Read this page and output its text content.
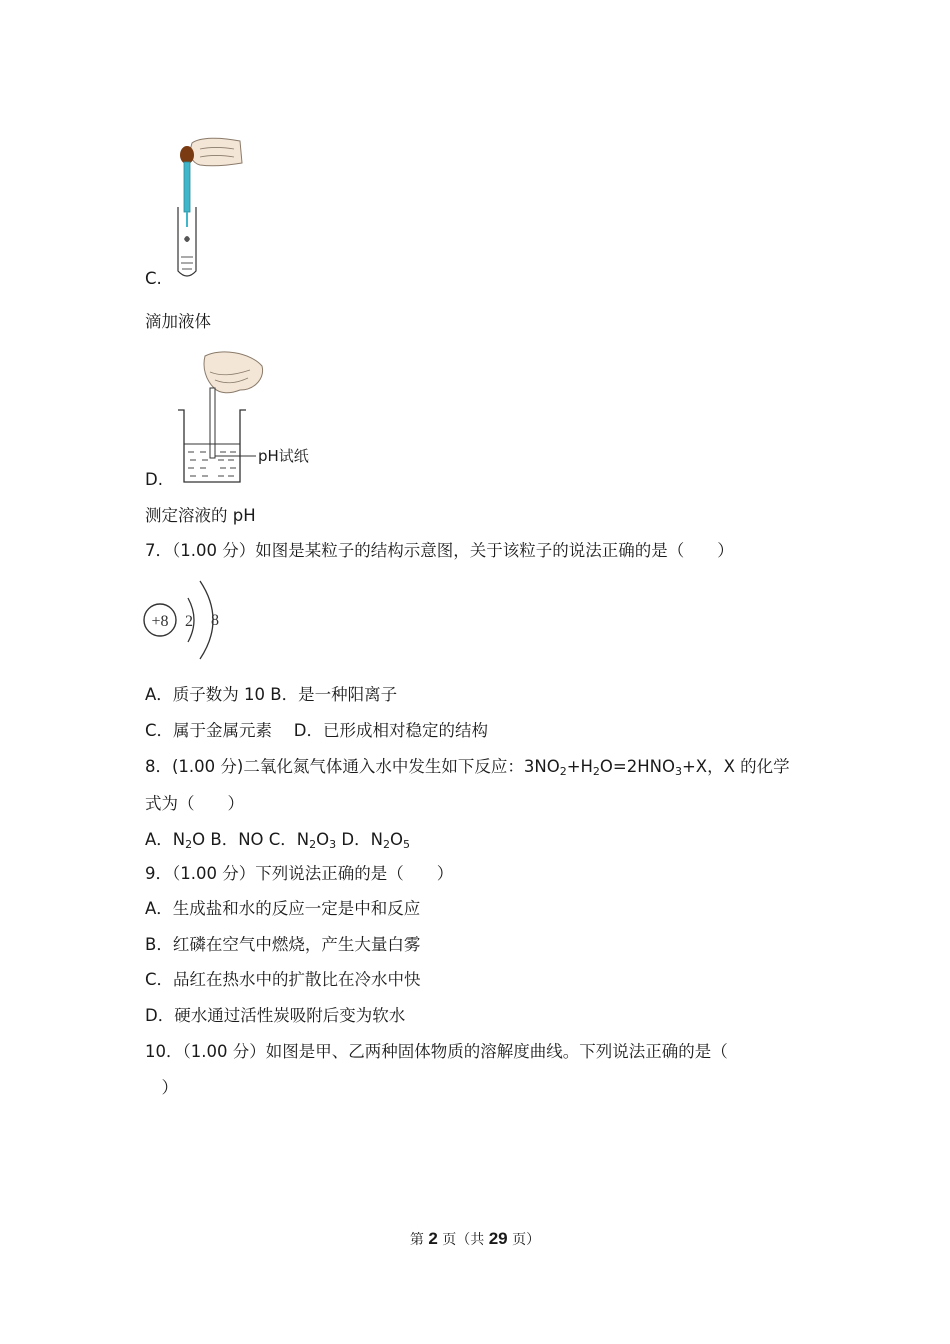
C.
滴加液体
pH试纸
D.
测定溶液的 pH
7．（1.00 分）如图是某粒子的结构示意图，关于该粒子的说法正确的是（　　）
+8 2 8
A．质子数为 10 B．是一种阳离子
C．属于金属元素　 D．已形成相对稳定的结构
8．(1.00 分)二氧化氮气体通入水中发生如下反应：$3NO_2+H_2O=2HNO_3+X$，X 的化学
式为（　　）
A．$N_2O$ B．NO C．$N_2O_3$ D．$N_2O_5$
9．（1.00 分）下列说法正确的是（　　）
A．生成盐和水的反应一定是中和反应
B．红磷在空气中燃烧，产生大量白雾
C．品红在热水中的扩散比在冷水中快
D．硬水通过活性炭吸附后变为软水
10．（1.00 分）如图是甲、乙两种固体物质的溶解度曲线。下列说法正确的是（
　）
第 2 页（共 29 页）
